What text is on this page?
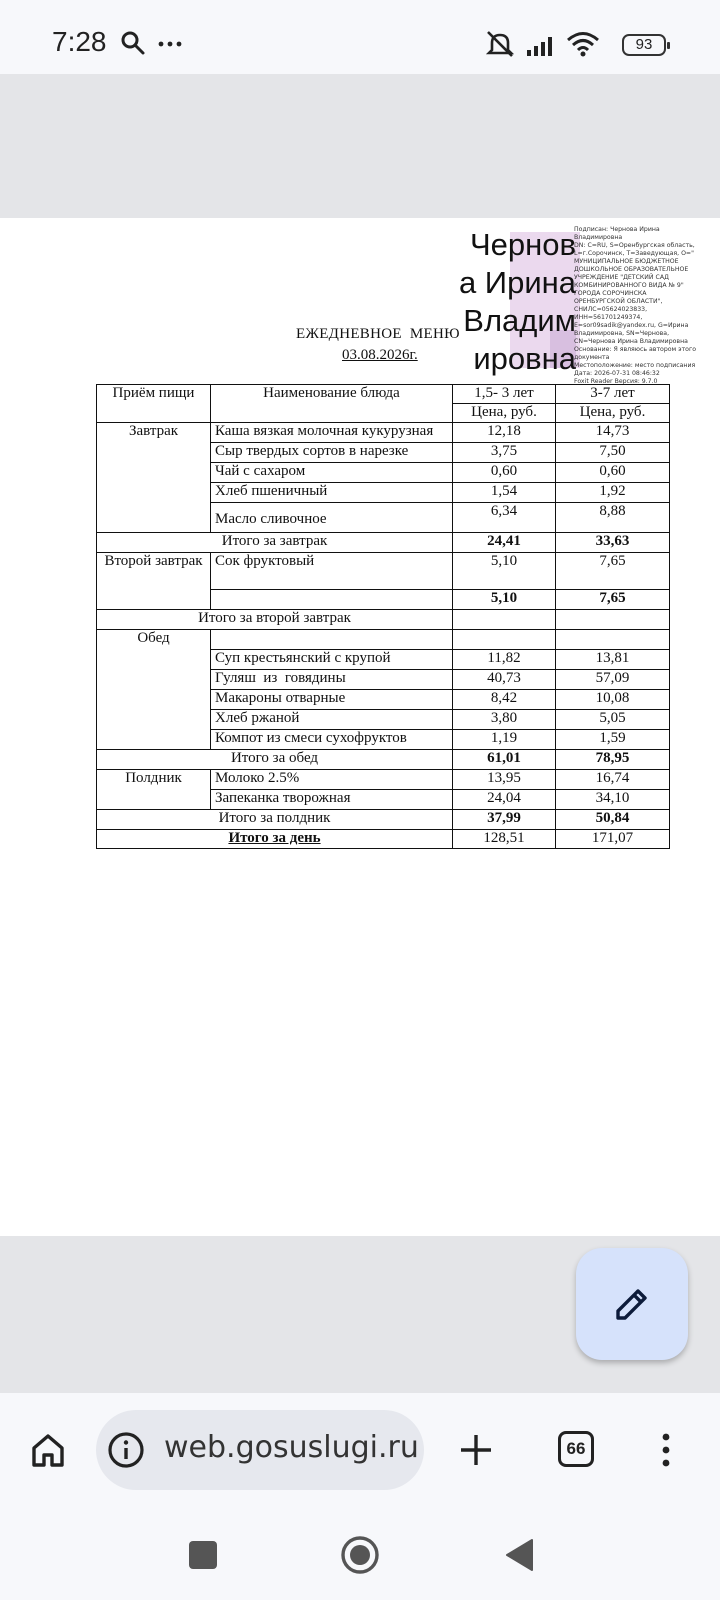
7:28	93
Чернов
а Ирина
Владим
ировна
Подписан: Чернова Ирина Владимировна
DN: C=RU, S=Оренбургская область, L=г.Сорочинск, T=Заведующая, O=" МУНИЦИПАЛЬНОЕ БЮДЖЕТНОЕ ДОШКОЛЬНОЕ ОБРАЗОВАТЕЛЬНОЕ УЧРЕЖДЕНИЕ "ДЕТСКИЙ САД КОМБИНИРОВАННОГО ВИДА № 9" ГОРОДА СОРОЧИНСКА ОРЕНБУРГСКОЙ ОБЛАСТИ", СНИЛС=05624023833, ИНН=561701249374, E=sor09sadik@yandex.ru, G=Ирина Владимировна, SN=Чернова, CN=Чернова Ирина Владимировна
Основание: Я являюсь автором этого документа
Местоположение: место подписания
Дата: 2026-07-31 08:46:32
Foxit Reader Версия: 9.7.0
ЕЖЕДНЕВНОЕ  МЕНЮ
03.08.2026г.
Приём пищи	Наименование блюда	1,5- 3 лет	3-7 лет
		Цена, руб.	Цена, руб.
Завтрак	Каша вязкая молочная кукурузная	12,18	14,73
	Сыр твердых сортов в нарезке	3,75	7,50
	Чай с сахаром	0,60	0,60
	Хлеб пшеничный	1,54	1,92
	Масло сливочное	6,34	8,88
Итого за завтрак		24,41	33,63
Второй завтрак	Сок фруктовый	5,10	7,65
		5,10	7,65
Итого за второй завтрак			
Обед			
	Суп крестьянский с крупой	11,82	13,81
	Гуляш  из  говядины	40,73	57,09
	Макароны отварные	8,42	10,08
	Хлеб ржаной	3,80	5,05
	Компот из смеси сухофруктов	1,19	1,59
Итого за обед		61,01	78,95
Полдник	Молоко 2.5%	13,95	16,74
	Запеканка творожная	24,04	34,10
Итого за полдник		37,99	50,84
Итого за день		128,51	171,07
web.gosuslugi.ru	66
